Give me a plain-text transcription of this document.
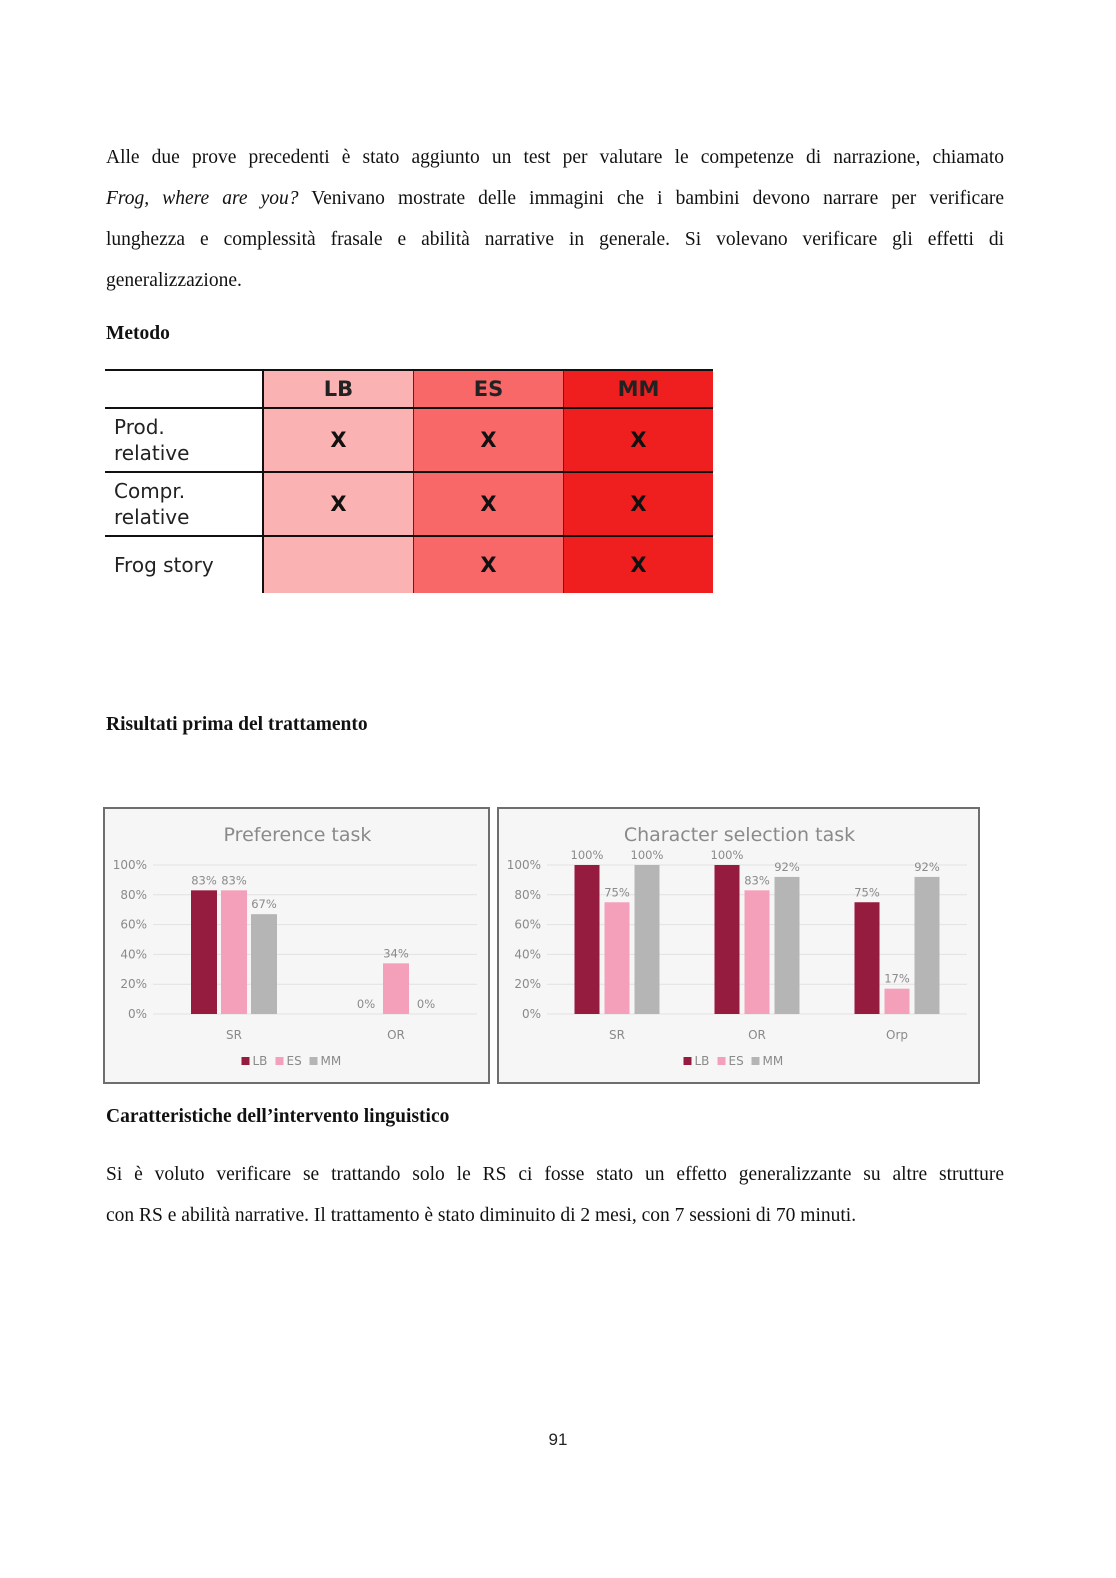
Alle due prove precedenti è stato aggiunto un test per valutare le competenze di narrazione, chiamato
Frog, where are you? Venivano mostrate delle immagini che i bambini devono narrare per verificare
lunghezza e complessità frasale e abilità narrative in generale. Si volevano verificare gli effetti di
generalizzazione.
Metodo
	LB	ES	MM
Prod.
relative	X	X	X
Compr.
relative	X	X	X
Frog story		X	X
Risultati prima del trattamento
Preference task
0%
20%
40%
60%
80%
100%
83% 83%
67%
SR
0%
34%
0%
OR
LB ES MM
Character selection task
0%
20%
40%
60%
80%
100%
100%
75%
100%
SR
100%
83%
92%
OR
75%
17%
92%
Orp
LB ES MM
Caratteristiche dell’intervento linguistico
Si è voluto verificare se trattando solo le RS ci fosse stato un effetto generalizzante su altre strutture
con RS e abilità narrative. Il trattamento è stato diminuito di 2 mesi, con 7 sessioni di 70 minuti.
91
